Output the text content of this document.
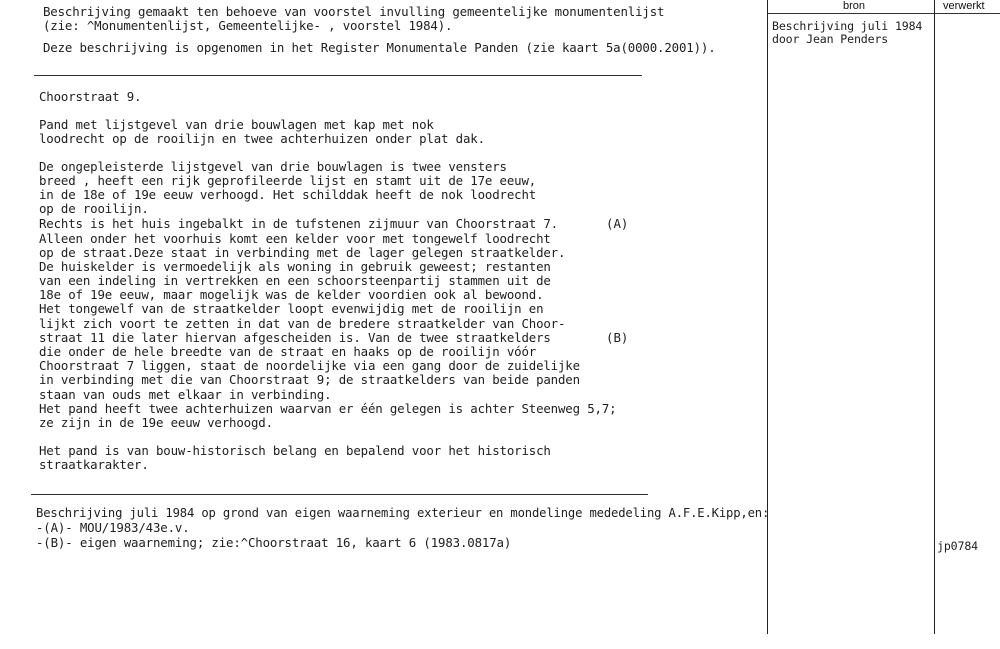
bron	verwerkt
Beschrijving gemaakt ten behoeve van voorstel invulling gemeentelijke monumentenlijst
(zie: ^Monumentenlijst, Gemeentelijke- , voorstel 1984).
Deze beschrijving is opgenomen in het Register Monumentale Panden (zie kaart 5a(0000.2001)).
Choorstraat 9.
Pand met lijstgevel van drie bouwlagen met kap met nok
loodrecht op de rooilijn en twee achterhuizen onder plat dak.
De ongepleisterde lijstgevel van drie bouwlagen is twee vensters
breed , heeft een rijk geprofileerde lijst en stamt uit de 17e eeuw,
in de 18e of 19e eeuw verhoogd. Het schilddak heeft de nok loodrecht
op de rooilijn.
Rechts is het huis ingebalkt in de tufstenen zijmuur van Choorstraat 7.
Alleen onder het voorhuis komt een kelder voor met tongewelf loodrecht
op de straat.Deze staat in verbinding met de lager gelegen straatkelder.
De huiskelder is vermoedelijk als woning in gebruik geweest; restanten
van een indeling in vertrekken en een schoorsteenpartij stammen uit de
18e of 19e eeuw, maar mogelijk was de kelder voordien ook al bewoond.
Het tongewelf van de straatkelder loopt evenwijdig met de rooilijn en
lijkt zich voort te zetten in dat van de bredere straatkelder van Choor-
straat 11 die later hiervan afgescheiden is. Van de twee straatkelders
die onder de hele breedte van de straat en haaks op de rooilijn vóór
Choorstraat 7 liggen, staat de noordelijke via een gang door de zuidelijke
in verbinding met die van Choorstraat 9; de straatkelders van beide panden
staan van ouds met elkaar in verbinding.
Het pand heeft twee achterhuizen waarvan er één gelegen is achter Steenweg 5,7;
ze zijn in de 19e eeuw verhoogd.
(A)
(B)
Het pand is van bouw-historisch belang en bepalend voor het historisch
straatkarakter.
Beschrijving juli 1984 op grond van eigen waarneming exterieur en mondelinge mededeling A.F.E.Kipp,en:
-(A)- MOU/1983/43e.v.
-(B)- eigen waarneming; zie:^Choorstraat 16, kaart 6 (1983.0817a)
Beschrijving juli 1984
door Jean Penders
jp0784
